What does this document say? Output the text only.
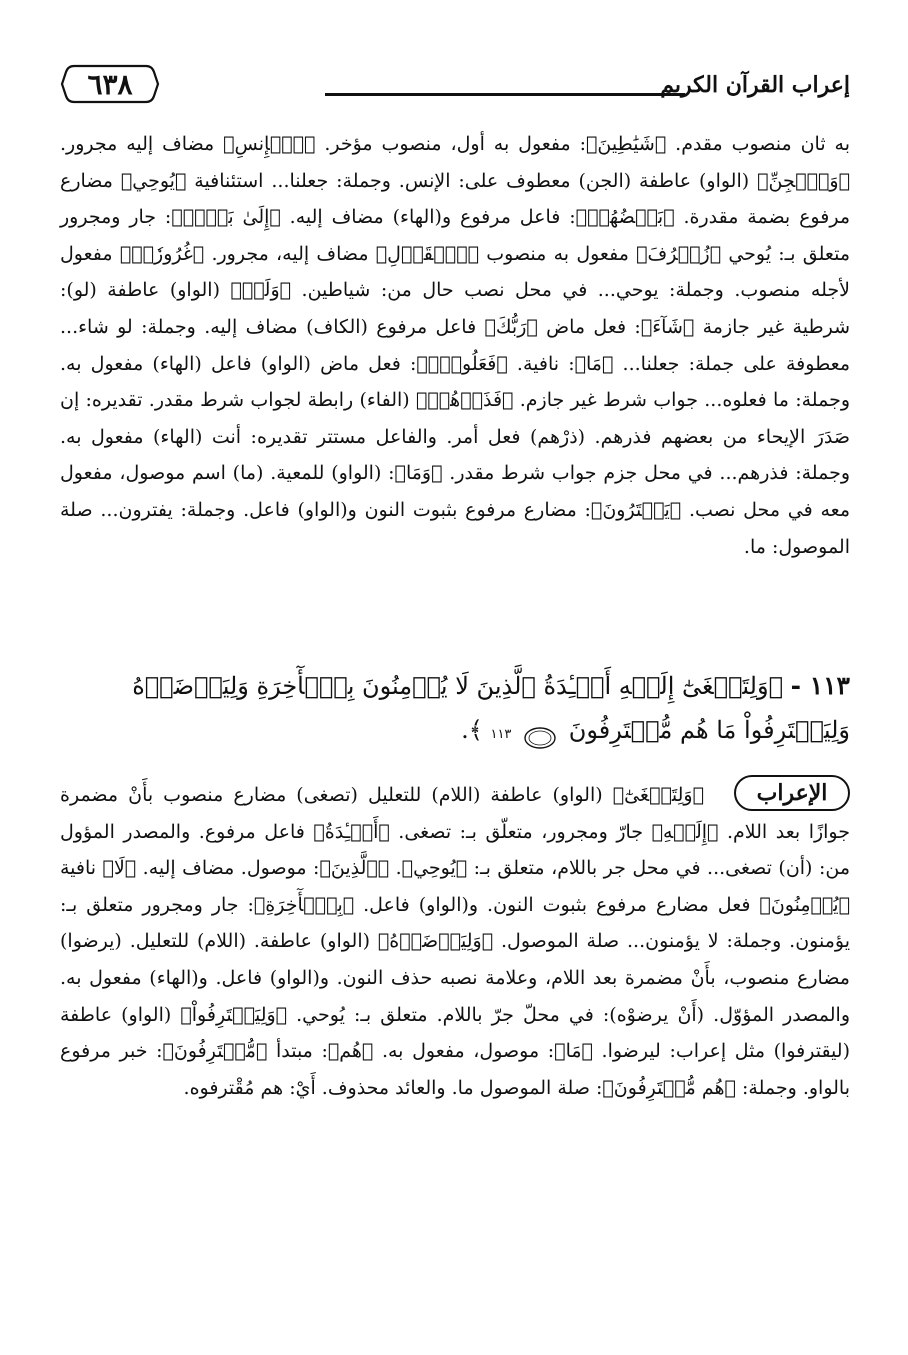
٦٣٨	إعراب القرآن الكريم

به ثان منصوب مقدم. ﴿شَيَٰطِينَ﴾: مفعول به أول، منصوب مؤخر. ﴿ٱلۡإِنسِ﴾ مضاف إليه مجرور. ﴿وَٱلۡجِنِّ﴾ (الواو) عاطفة (الجن) معطوف على: الإنس. وجملة: جعلنا... استئنافية ﴿يُوحِي﴾ مضارع مرفوع بضمة مقدرة. ﴿بَعۡضُهُمۡ﴾: فاعل مرفوع و(الهاء) مضاف إليه. ﴿إِلَىٰ بَعۡضٖ﴾: جار ومجرور متعلق بـ: يُوحي ﴿زُخۡرُفَ﴾ مفعول به منصوب ﴿ٱلۡقَوۡلِ﴾ مضاف إليه، مجرور. ﴿غُرُورٗاۚ﴾ مفعول لأجله منصوب. وجملة: يوحي... في محل نصب حال من: شياطين. ﴿وَلَوۡ﴾ (الواو) عاطفة (لو): شرطية غير جازمة ﴿شَآءَ﴾: فعل ماض ﴿رَبُّكَ﴾ فاعل مرفوع (الكاف) مضاف إليه. وجملة: لو شاء... معطوفة على جملة: جعلنا... ﴿مَا﴾: نافية. ﴿فَعَلُوهُۖ﴾: فعل ماض (الواو) فاعل (الهاء) مفعول به. وجملة: ما فعلوه... جواب شرط غير جازم. ﴿فَذَرۡهُمۡ﴾ (الفاء) رابطة لجواب شرط مقدر. تقديره: إن صَدَرَ الإيحاء من بعضهم فذرهم. (ذرْهم) فعل أمر. والفاعل مستتر تقديره: أنت (الهاء) مفعول به. وجملة: فذرهم... في محل جزم جواب شرط مقدر. ﴿وَمَا﴾: (الواو) للمعية. (ما) اسم موصول، مفعول معه في محل نصب. ﴿يَفۡتَرُونَ﴾: مضارع مرفوع بثبوت النون و(الواو) فاعل. وجملة: يفترون... صلة الموصول: ما.

١١٣ - ﴿وَلِتَصۡغَىٰٓ إِلَيۡهِ أَفۡـِٔدَةُ ٱلَّذِينَ لَا يُؤۡمِنُونَ بِٱلۡأٓخِرَةِ وَلِيَرۡضَوۡهُ وَلِيَقۡتَرِفُواْ مَا هُم مُّقۡتَرِفُونَ  ١١٣ ﴾.
الإعراب

﴿وَلِتَصۡغَىٰٓ﴾ (الواو) عاطفة (اللام) للتعليل (تصغى) مضارع منصوب بأَنْ مضمرة جوازًا بعد اللام. ﴿إِلَيۡهِ﴾ جارّ ومجرور، متعلّق بـ: تصغى. ﴿أَفۡـِٔدَةُ﴾ فاعل مرفوع. والمصدر المؤول من: (أن) تصغى... في محل جر باللام، متعلق بـ: ﴿يُوحِي﴾. ﴿ٱلَّذِينَ﴾: موصول. مضاف إليه. ﴿لَا﴾ نافية ﴿يُؤۡمِنُونَ﴾ فعل مضارع مرفوع بثبوت النون. و(الواو) فاعل. ﴿بِٱلۡأٓخِرَةِ﴾: جار ومجرور متعلق بـ: يؤمنون. وجملة: لا يؤمنون... صلة الموصول. ﴿وَلِيَرۡضَوۡهُ﴾ (الواو) عاطفة. (اللام) للتعليل. (يرضوا) مضارع منصوب، بأَنْ مضمرة بعد اللام، وعلامة نصبه حذف النون. و(الواو) فاعل. و(الهاء) مفعول به. والمصدر المؤوّل. (أَنْ يرضوْه): في محلّ جرّ باللام. متعلق بـ: يُوحي. ﴿وَلِيَقۡتَرِفُواْ﴾ (الواو) عاطفة (ليقترفوا) مثل إعراب: ليرضوا. ﴿مَا﴾: موصول، مفعول به. ﴿هُم﴾: مبتدأ ﴿مُّقۡتَرِفُونَ﴾: خبر مرفوع بالواو. وجملة: ﴿هُم مُّقۡتَرِفُونَ﴾: صلة الموصول ما. والعائد محذوف. أَيْ: هم مُقْترفوه.
